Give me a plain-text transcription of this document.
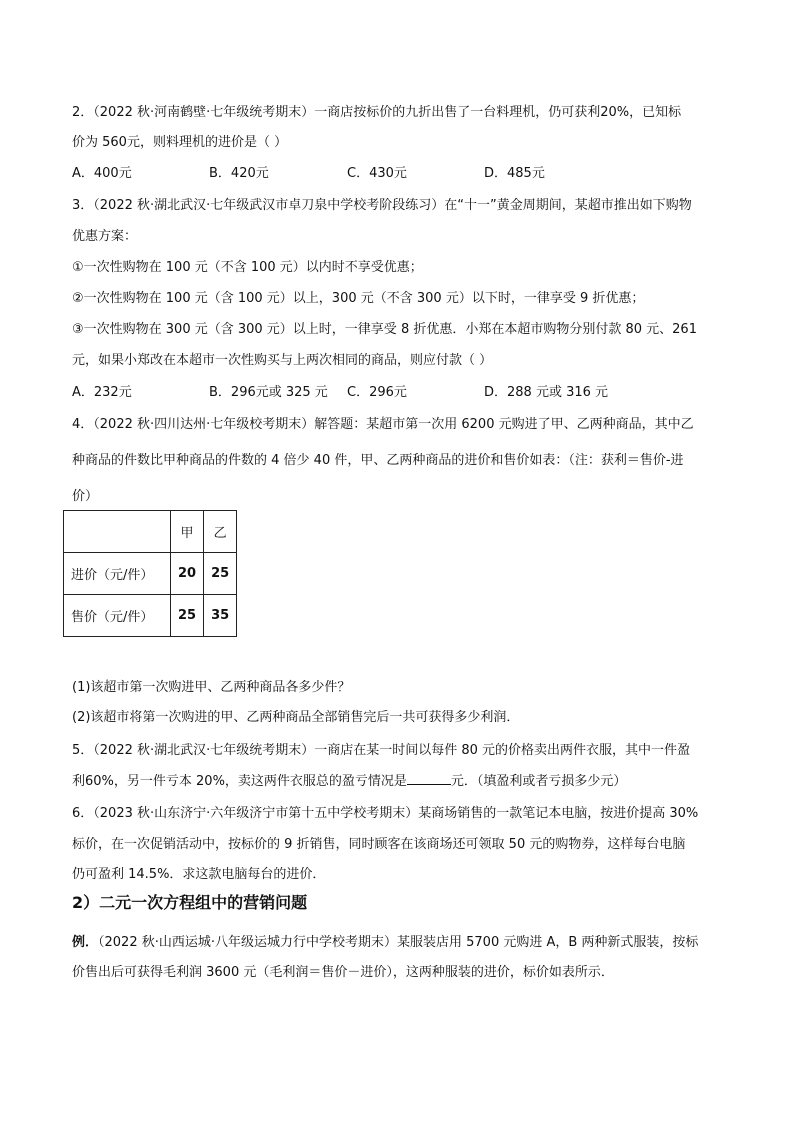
2．（2022 秋·河南鹤壁·七年级统考期末）一商店按标价的九折出售了一台料理机，仍可获利20%，已知标
价为 560元，则料理机的进价是（ ）
A．400元	B．420元	C．430元	D．485元
3．（2022 秋·湖北武汉·七年级武汉市卓刀泉中学校考阶段练习）在“十一”黄金周期间，某超市推出如下购物
优惠方案：
①一次性购物在 100 元（不含 100 元）以内时不享受优惠；
②一次性购物在 100 元（含 100 元）以上，300 元（不含 300 元）以下时，一律享受 9 折优惠；
③一次性购物在 300 元（含 300 元）以上时，一律享受 8 折优惠．小郑在本超市购物分别付款 80 元、261
元，如果小郑改在本超市一次性购买与上两次相同的商品，则应付款（ ）
A．232元	B．296元或 325 元 C．296元	D．288 元或 316 元
4．（2022 秋·四川达州·七年级校考期末）解答题：某超市第一次用 6200 元购进了甲、乙两种商品，其中乙
种商品的件数比甲种商品的件数的 4 倍少 40 件，甲、乙两种商品的进价和售价如表：（注：获利＝售价-进
价）
	甲	乙
进价（元/件）	20	25
售价（元/件）	25	35
(1)该超市第一次购进甲、乙两种商品各多少件？
(2)该超市将第一次购进的甲、乙两种商品全部销售完后一共可获得多少利润．
5．（2022 秋·湖北武汉·七年级统考期末）一商店在某一时间以每件 80 元的价格卖出两件衣服，其中一件盈
利60%，另一件亏本 20%，卖这两件衣服总的盈亏情况是	元．（填盈利或者亏损多少元）
6．（2023 秋·山东济宁·六年级济宁市第十五中学校考期末）某商场销售的一款笔记本电脑，按进价提高 30%
标价，在一次促销活动中，按标价的 9 折销售，同时顾客在该商场还可领取 50 元的购物券，这样每台电脑
仍可盈利 14.5%．求这款电脑每台的进价．
2）二元一次方程组中的营销问题
例．（2022 秋·山西运城·八年级运城力行中学校考期末）某服装店用 5700 元购进 A，B 两种新式服装，按标
价售出后可获得毛利润 3600 元（毛利润＝售价－进价），这两种服装的进价，标价如表所示．
